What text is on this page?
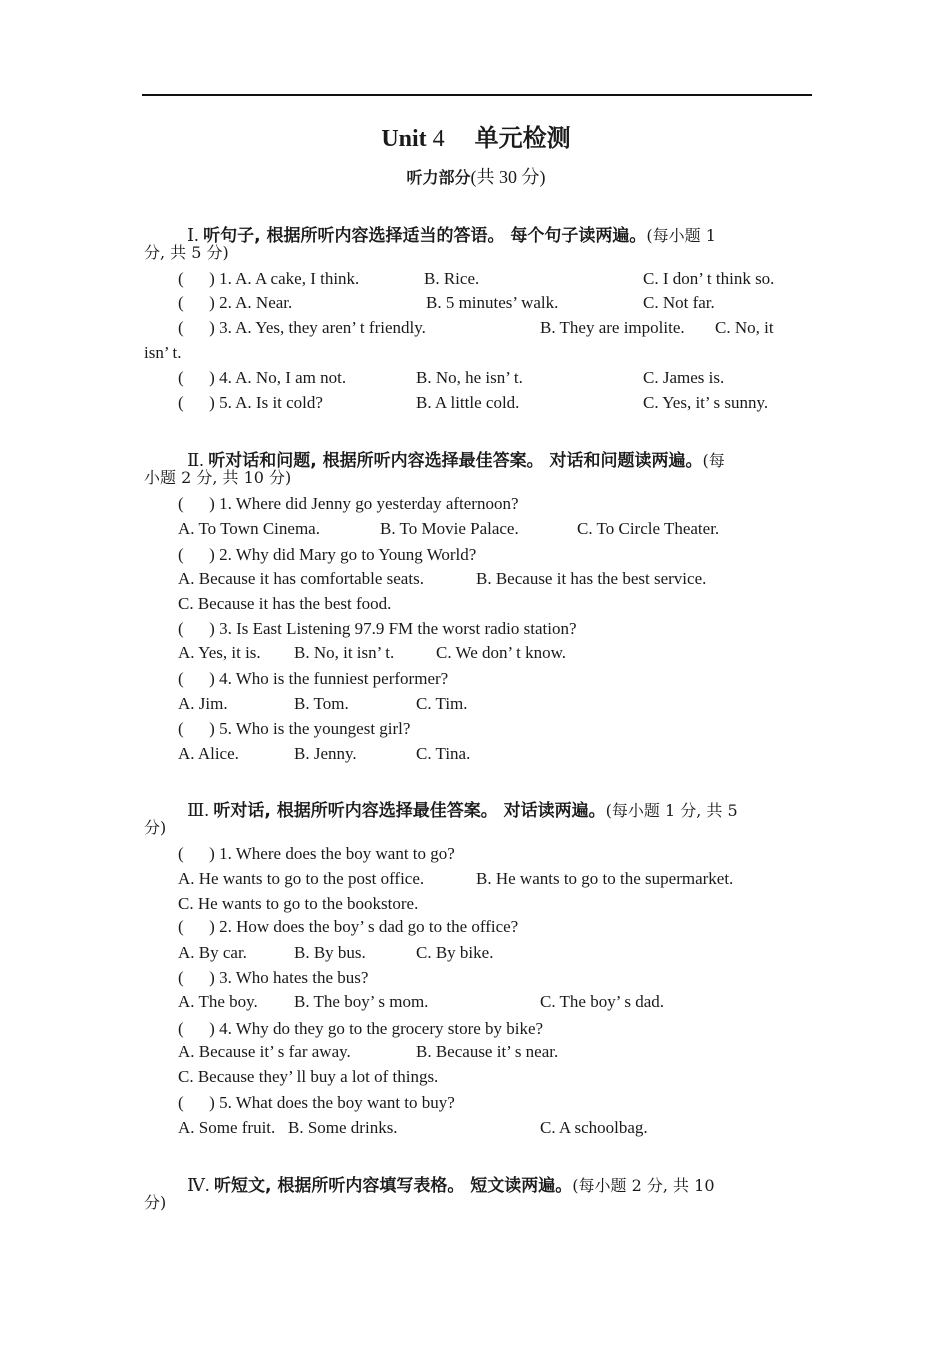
Unit 4 单元检测
听力部分(共 30 分)

Ⅰ. 听句子, 根据所听内容选择适当的答语。 每个句子读两遍。(每小题 1

分, 共 5 分)
(      ) 1. A. A cake, I think.	B. Rice.	C. I don’ t think so.
(      ) 2. A. Near.	B. 5 minutes’ walk.	C. Not far.
(      ) 3. A. Yes, they aren’ t friendly.	B. They are impolite. C. No, it
isn’ t.
(      ) 4. A. No, I am not.	B. No, he isn’ t.	C. James is.
(      ) 5. A. Is it cold?	B. A little cold.	C. Yes, it’ s sunny.

Ⅱ. 听对话和问题, 根据所听内容选择最佳答案。 对话和问题读两遍。(每

小题 2 分, 共 10 分)
(      ) 1. Where did Jenny go yesterday afternoon?
A. To Town Cinema.	B. To Movie Palace.	C. To Circle Theater.
(      ) 2. Why did Mary go to Young World?
A. Because it has comfortable seats.	B. Because it has the best service.
C. Because it has the best food.
(      ) 3. Is East Listening 97.9 FM the worst radio station?
A. Yes, it is. B. No, it isn’ t. C. We don’ t know.
(      ) 4. Who is the funniest performer?
A. Jim.	B. Tom.	C. Tim.
(      ) 5. Who is the youngest girl?
A. Alice.	B. Jenny.	C. Tina.

Ⅲ. 听对话, 根据所听内容选择最佳答案。 对话读两遍。(每小题 1 分, 共 5

分)
(      ) 1. Where does the boy want to go?
A. He wants to go to the post office.	B. He wants to go to the supermarket.
C. He wants to go to the bookstore.
(      ) 2. How does the boy’ s dad go to the office?
A. By car.	B. By bus.	C. By bike.
(      ) 3. Who hates the bus?
A. The boy. B. The boy’ s mom.	C. The boy’ s dad.
(      ) 4. Why do they go to the grocery store by bike?
A. Because it’ s far away.	B. Because it’ s near.
C. Because they’ ll buy a lot of things.
(      ) 5. What does the boy want to buy?
A. Some fruit. B. Some drinks.	C. A schoolbag.

Ⅳ. 听短文, 根据所听内容填写表格。 短文读两遍。(每小题 2 分, 共 10

分)
